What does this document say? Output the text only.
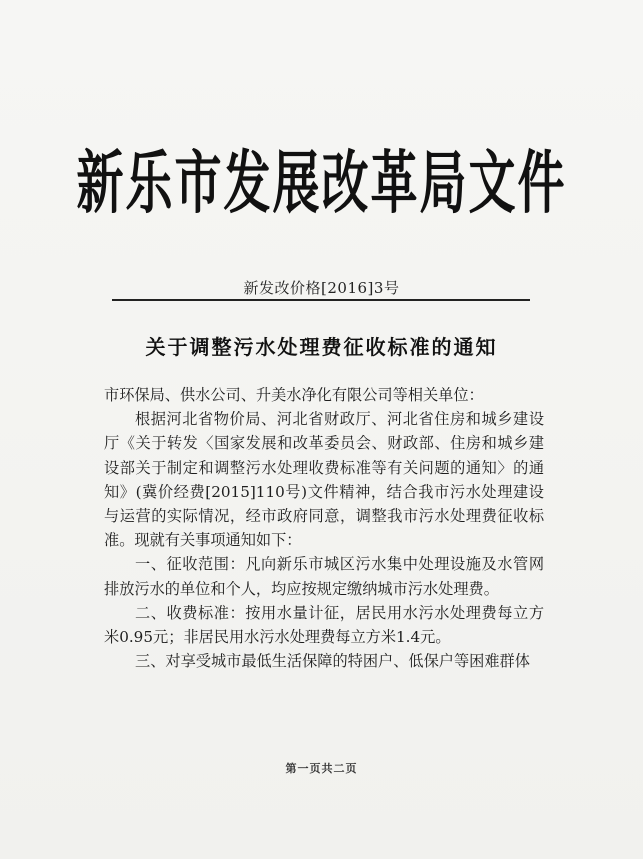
新乐市发展改革局文件
新发改价格[2016]3号
关于调整污水处理费征收标准的通知

市环保局、供水公司、升美水净化有限公司等相关单位：

根据河北省物价局、河北省财政厅、河北省住房和城乡建设厅《关于转发〈国家发展和改革委员会、财政部、住房和城乡建设部关于制定和调整污水处理收费标准等有关问题的通知〉的通知》(冀价经费[2015]110号)文件精神，结合我市污水处理建设与运营的实际情况，经市政府同意，调整我市污水处理费征收标准。现就有关事项通知如下：

一、征收范围：凡向新乐市城区污水集中处理设施及水管网排放污水的单位和个人，均应按规定缴纳城市污水处理费。

二、收费标准：按用水量计征，居民用水污水处理费每立方米0.95元；非居民用水污水处理费每立方米1.4元。

三、对享受城市最低生活保障的特困户、低保户等困难群体

第一页共二页
